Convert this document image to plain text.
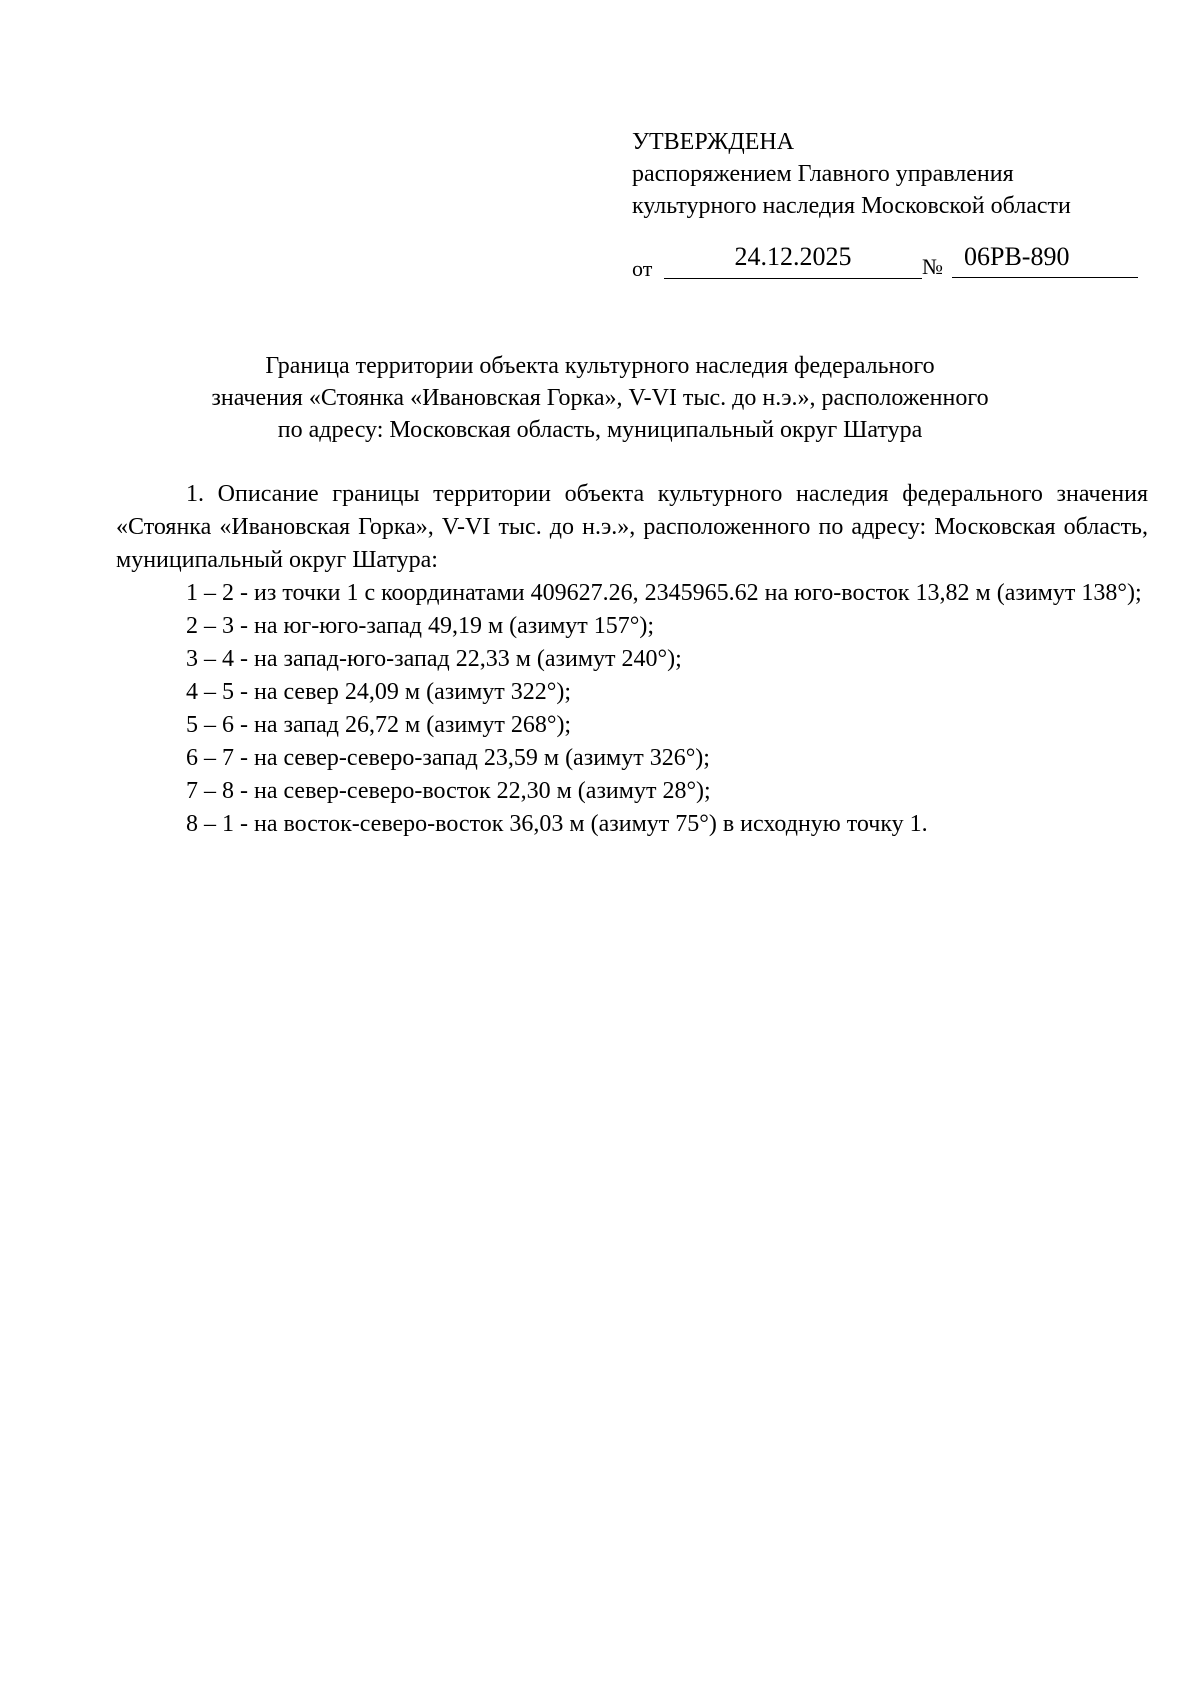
УТВЕРЖДЕНА
распоряжением Главного управления
культурного наследия Московской области
от	24.12.2025	№ 06РВ-890
Граница территории объекта культурного наследия федерального
значения «Стоянка «Ивановская Горка», V-VI тыс. до н.э.», расположенного
по адресу: Московская область, муниципальный округ Шатура

1. Описание границы территории объекта культурного наследия федерального значения «Стоянка «Ивановская Горка», V-VI тыс. до н.э.», расположенного по адресу: Московская область, муниципальный округ Шатура:

1 – 2 - из точки 1 с координатами 409627.26, 2345965.62 на юго-восток 13,82 м (азимут 138°);

2 – 3 - на юг-юго-запад 49,19 м (азимут 157°);

3 – 4 - на запад-юго-запад 22,33 м (азимут 240°);

4 – 5 - на север 24,09 м (азимут 322°);

5 – 6 - на запад 26,72 м (азимут 268°);

6 – 7 - на север-северо-запад 23,59 м (азимут 326°);

7 – 8 - на север-северо-восток 22,30 м (азимут 28°);

8 – 1 - на восток-северо-восток 36,03 м (азимут 75°) в исходную точку 1.
